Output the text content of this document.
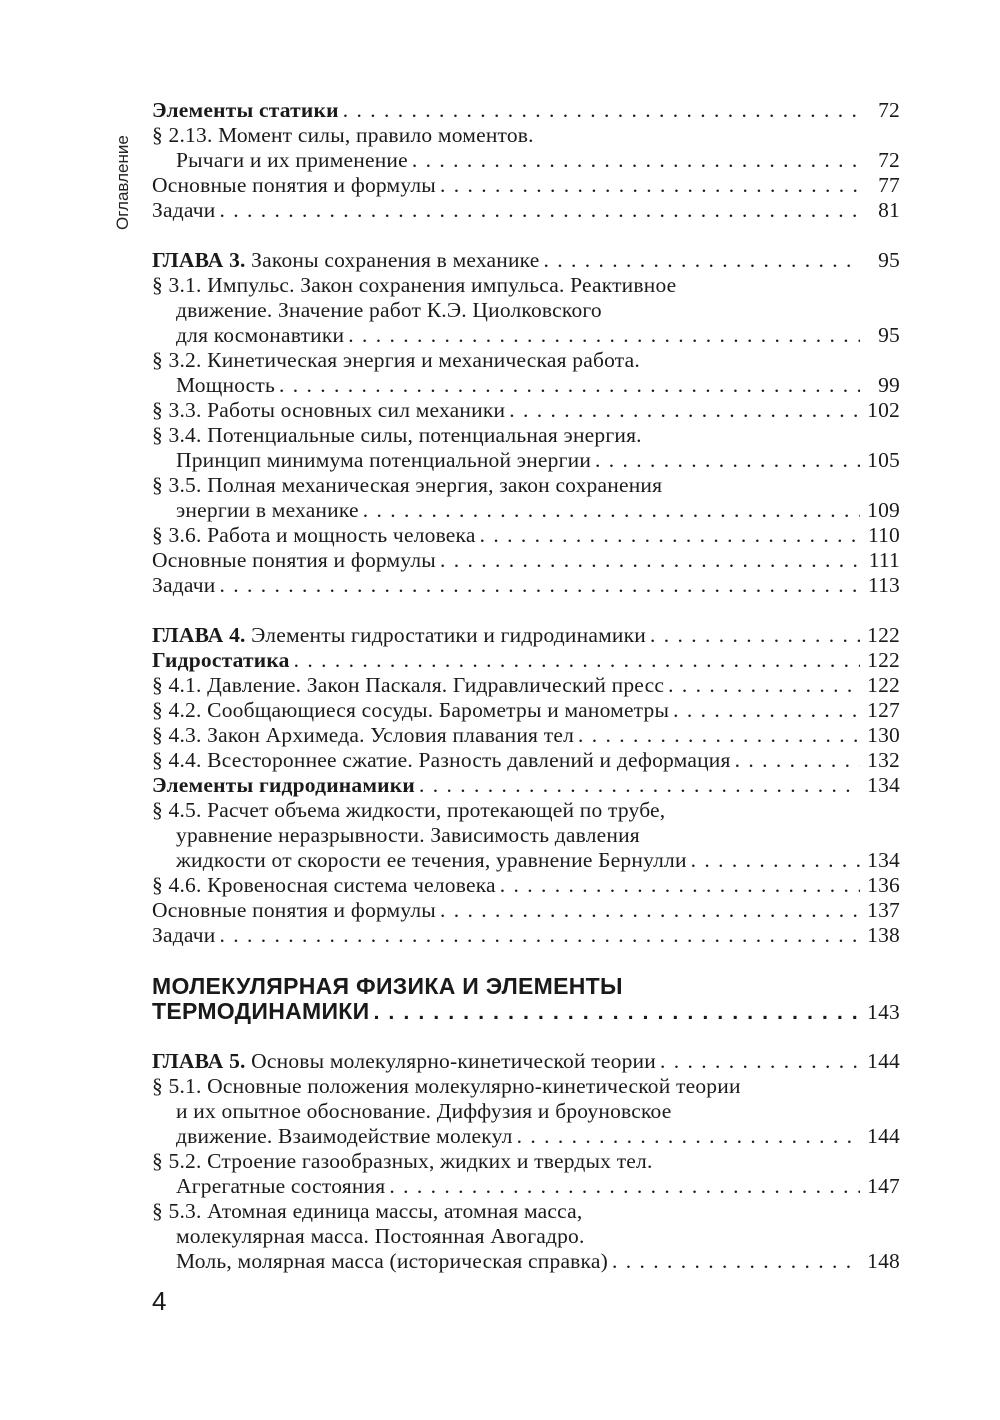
Оглавление
Элементы статики . . .	72
§ 2.13. Момент силы, правило моментов.
Рычаги и их применение . . .	72
Основные понятия и формулы . . .	77
Задачи . . .	81
ГЛАВА 3. Законы сохранения в механике . . .	95
§ 3.1. Импульс. Закон сохранения импульса. Реактивное
движение. Значение работ К.Э. Циолковского
для космонавтики . . .	95
§ 3.2. Кинетическая энергия и механическая работа.
Мощность . . .	99
§ 3.3. Работы основных сил механики . . .	102
§ 3.4. Потенциальные силы, потенциальная энергия.
Принцип минимума потенциальной энергии . . .	105
§ 3.5. Полная механическая энергия, закон сохранения
энергии в механике . . .	109
§ 3.6. Работа и мощность человека . . .	110
Основные понятия и формулы . . .	111
Задачи . . .	113
ГЛАВА 4. Элементы гидростатики и гидродинамики . . .	122
Гидростатика . . .	122
§ 4.1. Давление. Закон Паскаля. Гидравлический пресс . . .	122
§ 4.2. Сообщающиеся сосуды. Барометры и манометры . . .	127
§ 4.3. Закон Архимеда. Условия плавания тел . . .	130
§ 4.4. Всестороннее сжатие. Разность давлений и деформация . . .	132
Элементы гидродинамики . . .	134
§ 4.5. Расчет объема жидкости, протекающей по трубе,
уравнение неразрывности. Зависимость давления
жидкости от скорости ее течения, уравнение Бернулли . . .	134
§ 4.6. Кровеносная система человека . . .	136
Основные понятия и формулы . . .	137
Задачи . . .	138
МОЛЕКУЛЯРНАЯ ФИЗИКА И ЭЛЕМЕНТЫ
ТЕРМОДИНАМИКИ . . .	143
ГЛАВА 5. Основы молекулярно-кинетической теории . . .	144
§ 5.1. Основные положения молекулярно-кинетической теории
и их опытное обоснование. Диффузия и броуновское
движение. Взаимодействие молекул . . .	144
§ 5.2. Строение газообразных, жидких и твердых тел.
Агрегатные состояния . . .	147
§ 5.3. Атомная единица массы, атомная масса,
молекулярная масса. Постоянная Авогадро.
Моль, молярная масса (историческая справка) . . .	148
4
